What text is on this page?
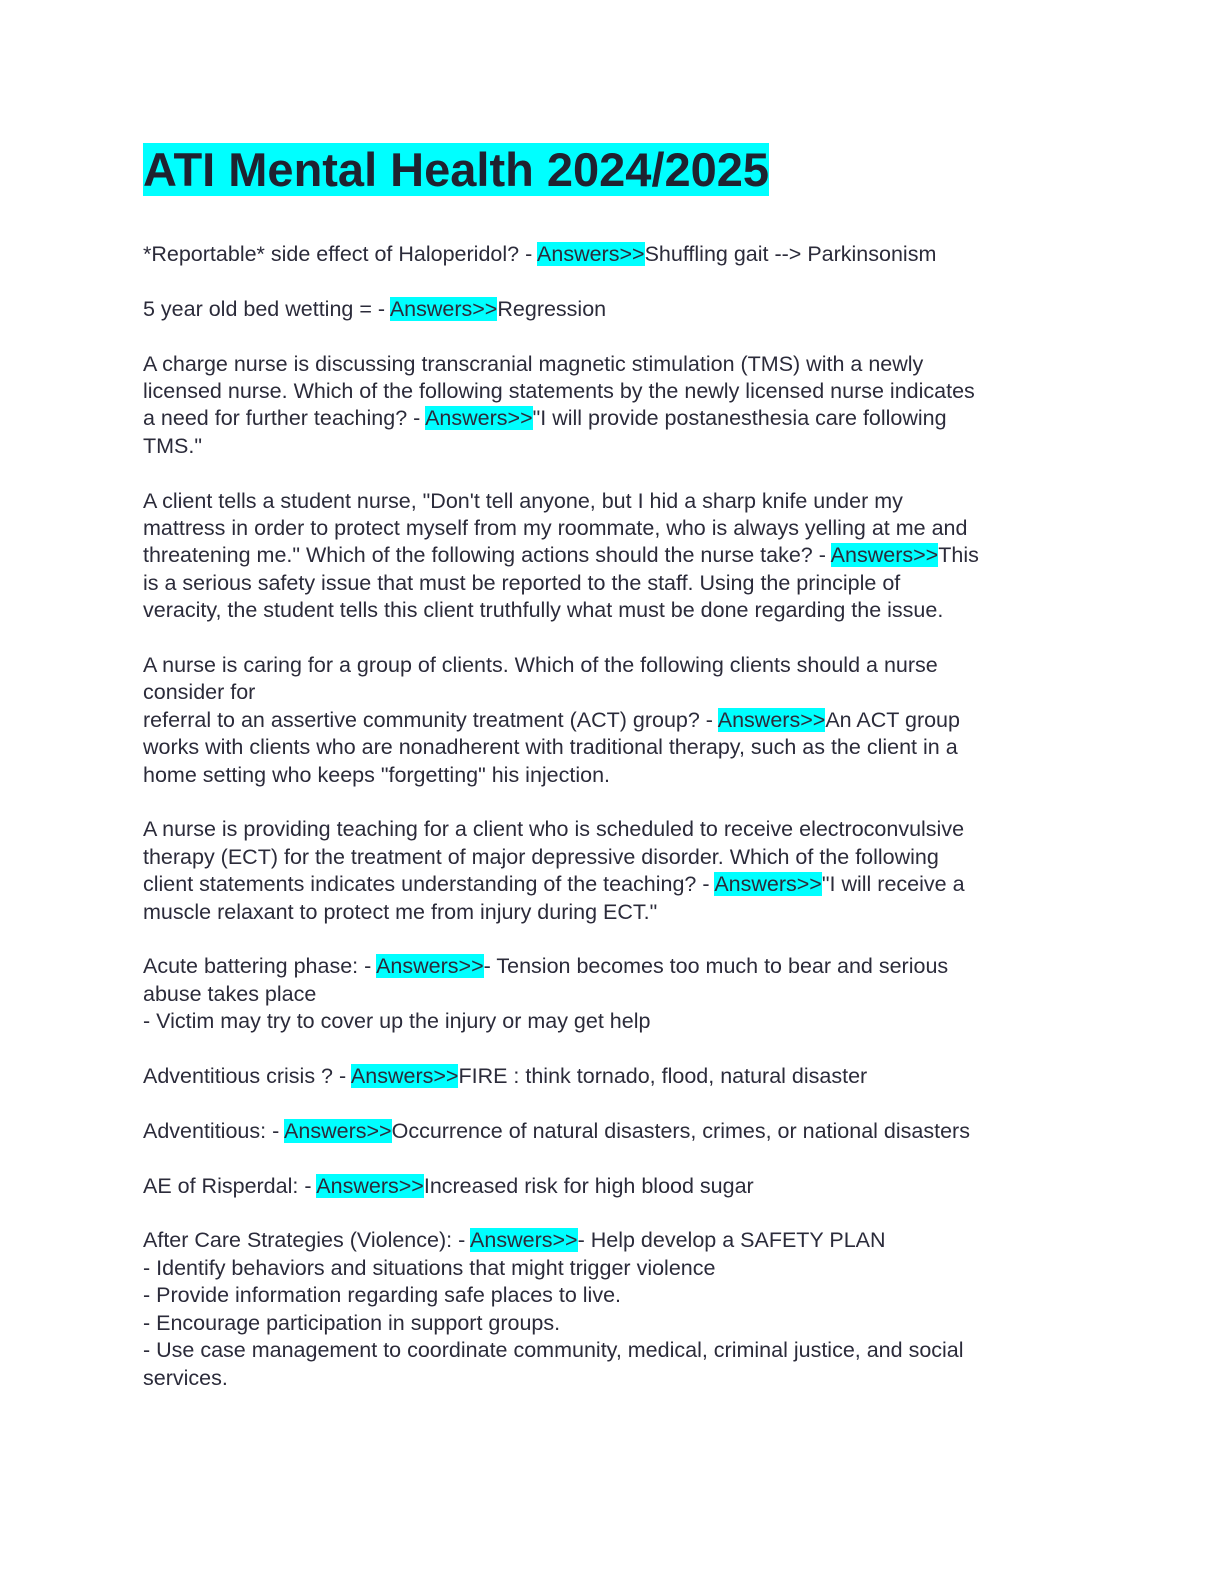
ATI Mental Health 2024/2025

*Reportable* side effect of Haloperidol? - Answers>>Shuffling gait --> Parkinsonism

5 year old bed wetting = - Answers>>Regression

A charge nurse is discussing transcranial magnetic stimulation (TMS) with a newly
licensed nurse. Which of the following statements by the newly licensed nurse indicates
a need for further teaching? - Answers>>"I will provide postanesthesia care following
TMS."

A client tells a student nurse, "Don't tell anyone, but I hid a sharp knife under my
mattress in order to protect myself from my roommate, who is always yelling at me and
threatening me." Which of the following actions should the nurse take? - Answers>>This
is a serious safety issue that must be reported to the staff. Using the principle of
veracity, the student tells this client truthfully what must be done regarding the issue.

A nurse is caring for a group of clients. Which of the following clients should a nurse
consider for
referral to an assertive community treatment (ACT) group? - Answers>>An ACT group
works with clients who are nonadherent with traditional therapy, such as the client in a
home setting who keeps "forgetting" his injection.

A nurse is providing teaching for a client who is scheduled to receive electroconvulsive
therapy (ECT) for the treatment of major depressive disorder. Which of the following
client statements indicates understanding of the teaching? - Answers>>"I will receive a
muscle relaxant to protect me from injury during ECT."

Acute battering phase: - Answers>>- Tension becomes too much to bear and serious
abuse takes place
- Victim may try to cover up the injury or may get help

Adventitious crisis ? - Answers>>FIRE : think tornado, flood, natural disaster

Adventitious: - Answers>>Occurrence of natural disasters, crimes, or national disasters

AE of Risperdal: - Answers>>Increased risk for high blood sugar

After Care Strategies (Violence): - Answers>>- Help develop a SAFETY PLAN
- Identify behaviors and situations that might trigger violence
- Provide information regarding safe places to live.
- Encourage participation in support groups.
- Use case management to coordinate community, medical, criminal justice, and social
services.
